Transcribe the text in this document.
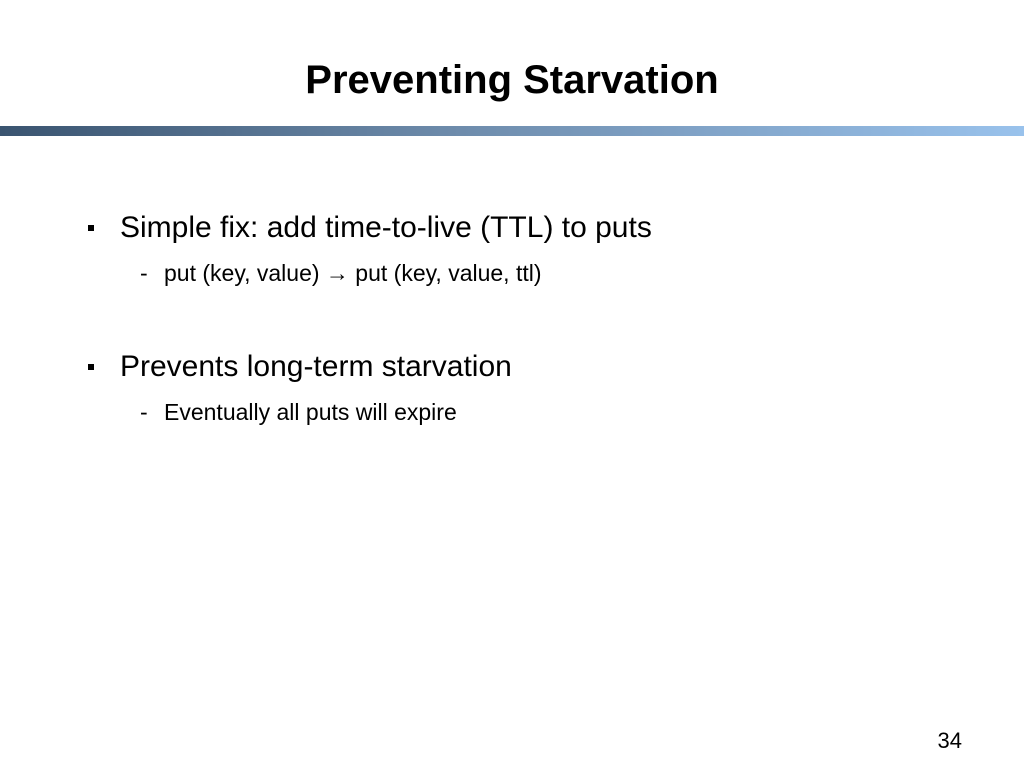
Preventing Starvation
Simple fix: add time-to-live (TTL) to puts
- put (key, value) → put (key, value, ttl)
Prevents long-term starvation
- Eventually all puts will expire
34
